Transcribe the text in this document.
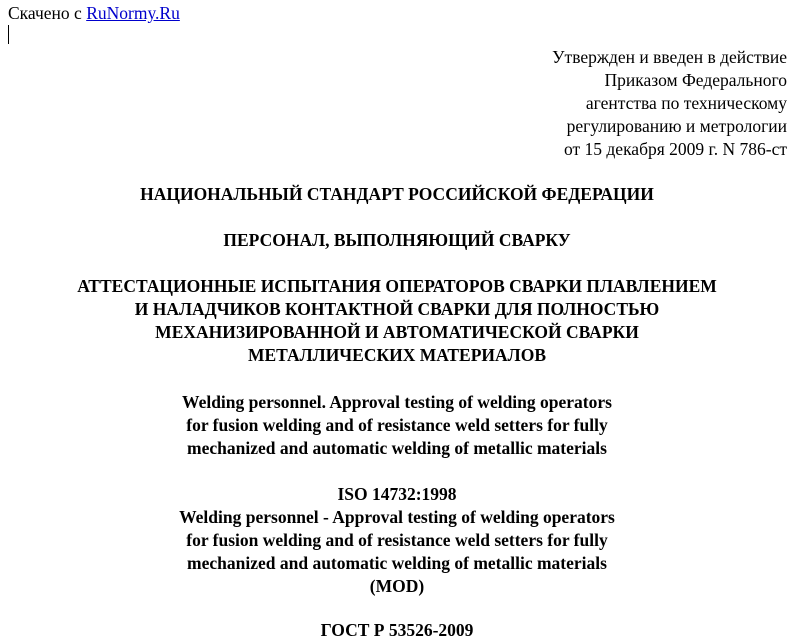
Скачено с RuNormy.Ru
Утвержден и введен в действие
Приказом Федерального
агентства по техническому
регулированию и метрологии
от 15 декабря 2009 г. N 786-ст
НАЦИОНАЛЬНЫЙ СТАНДАРТ РОССИЙСКОЙ ФЕДЕРАЦИИ
ПЕРСОНАЛ, ВЫПОЛНЯЮЩИЙ СВАРКУ
АТТЕСТАЦИОННЫЕ ИСПЫТАНИЯ ОПЕРАТОРОВ СВАРКИ ПЛАВЛЕНИЕМ
И НАЛАДЧИКОВ КОНТАКТНОЙ СВАРКИ ДЛЯ ПОЛНОСТЬЮ
МЕХАНИЗИРОВАННОЙ И АВТОМАТИЧЕСКОЙ СВАРКИ
МЕТАЛЛИЧЕСКИХ МАТЕРИАЛОВ
Welding personnel. Approval testing of welding operators
for fusion welding and of resistance weld setters for fully
mechanized and automatic welding of metallic materials
ISO 14732:1998
Welding personnel - Approval testing of welding operators
for fusion welding and of resistance weld setters for fully
mechanized and automatic welding of metallic materials
(MOD)
ГОСТ Р 53526-2009
